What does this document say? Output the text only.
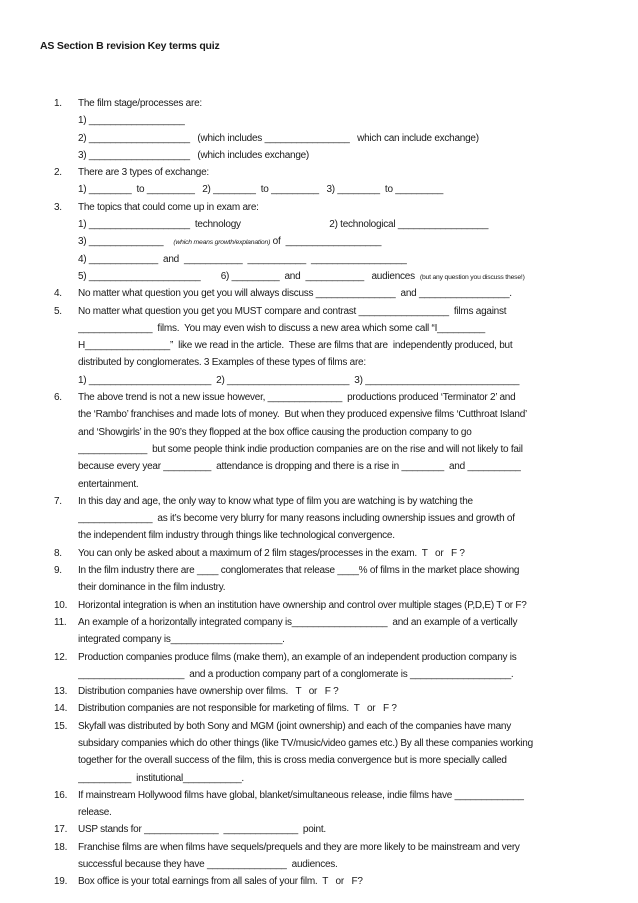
AS Section B revision Key terms quiz
1.	The film stage/processes are:
1) __________________
2) ___________________   (which includes ________________   which can include exchange)
3) ___________________   (which includes exchange)
2.	There are 3 types of exchange:
1) ________  to _________   2) ________  to _________   3) ________  to _________
3.	The topics that could come up in exam are:
1) ___________________  technology                                   2) technological _________________
3) ______________ (which means growth/explanation) of  __________________
4) _____________  and  ___________  ___________  __________________
5) _____________________        6) _________  and  ___________   audiences  (but any question you discuss these!)
4.	No matter what question you get you will always discuss _______________  and _________________.
5.	No matter what question you get you MUST compare and contrast _________________  films against
______________  films.  You may even wish to discuss a new area which some call “I_________
H________________”  like we read in the article.  These are films that are  independently produced, but
distributed by conglomerates. 3 Examples of these types of films are:
1) _______________________  2) _______________________  3) _____________________________
6.	The above trend is not a new issue however, ______________  productions produced ‘Terminator 2’ and
the ‘Rambo’ franchises and made lots of money.  But when they produced expensive films ‘Cutthroat Island’
and ‘Showgirls’ in the 90’s they flopped at the box office causing the production company to go
_____________  but some people think indie production companies are on the rise and will not likely to fail
because every year _________  attendance is dropping and there is a rise in ________  and __________
entertainment.
7.	In this day and age, the only way to know what type of film you are watching is by watching the
______________  as it’s become very blurry for many reasons including ownership issues and growth of
the independent film industry through things like technological convergence.
8.	You can only be asked about a maximum of 2 film stages/processes in the exam.  T   or   F ?
9.	In the film industry there are ____ conglomerates that release ____% of films in the market place showing
their dominance in the film industry.
10.	Horizontal integration is when an institution have ownership and control over multiple stages (P,D,E) T or F?
11.	An example of a horizontally integrated company is__________________  and an example of a vertically
integrated company is_____________________.
12.	Production companies produce films (make them), an example of an independent production company is
____________________  and a production company part of a conglomerate is ___________________.
13.	Distribution companies have ownership over films.   T   or   F ?
14.	Distribution companies are not responsible for marketing of films.  T   or   F ?
15.	Skyfall was distributed by both Sony and MGM (joint ownership) and each of the companies have many
subsidary companies which do other things (like TV/music/video games etc.) By all these companies working
together for the overall success of the film, this is cross media convergence but is more specially called
__________  institutional___________.
16.	If mainstream Hollywood films have global, blanket/simultaneous release, indie films have _____________
release.
17.	USP stands for ______________  ______________  point.
18.	Franchise films are when films have sequels/prequels and they are more likely to be mainstream and very
successful because they have _______________  audiences.
19.	Box office is your total earnings from all sales of your film.  T   or   F?
